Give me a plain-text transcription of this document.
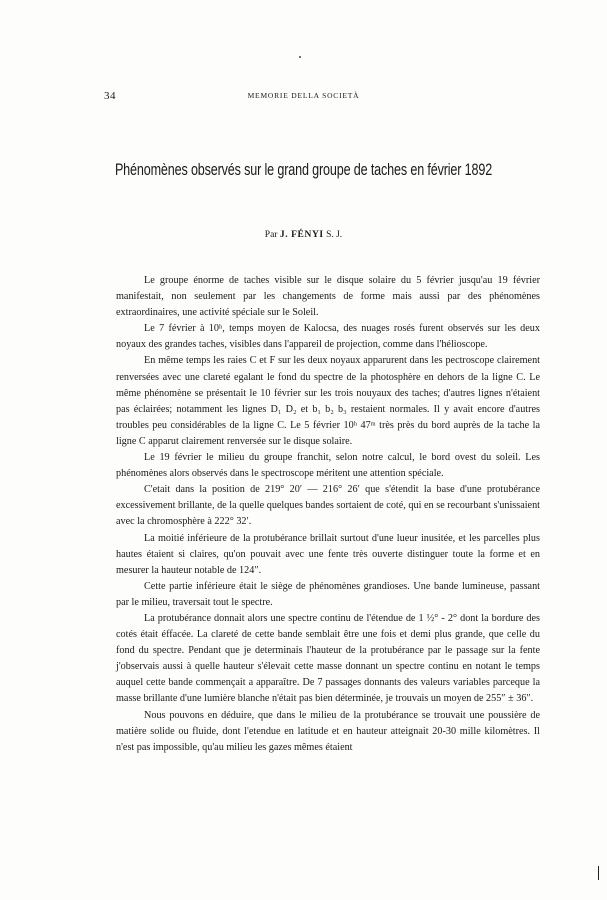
34	MEMORIE DELLA SOCIETÀ
Phénomènes observés sur le grand groupe de taches en février 1892
Par J. FÉNYI S. J.

Le groupe énorme de taches visible sur le disque solaire du 5 février jusqu'au 19 février manifestait, non seulement par les changements de forme mais aussi par des phénomènes extraordinaires, une activité spéciale sur le Soleil.

Le 7 février à 10ʰ, temps moyen de Kalocsa, des nuages rosés furent observés sur les deux noyaux des grandes taches, visibles dans l'appareil de projection, comme dans l'hélioscope.

En même temps les raies C et F sur les deux noyaux apparurent dans les pectroscope clairement renversées avec une clareté egalant le fond du spectre de la photosphère en dehors de la ligne C. Le même phénomène se présentait le 10 février sur les trois nouyaux des taches; d'autres lignes n'étaient pas éclairées; notamment les lignes D₁ D₂ et b₁ b₂ b₃ restaient normales. Il y avait encore d'autres troubles peu considérables de la ligne C. Le 5 février 10ʰ 47ᵐ très près du bord auprès de la tache la ligne C apparut clairement renversée sur le disque solaire.

Le 19 février le milieu du groupe franchit, selon notre calcul, le bord ovest du soleil. Les phénomènes alors observés dans le spectroscope méritent une attention spéciale.

C'etait dans la position de 219° 20′ — 216° 26′ que s'étendit la base d'une protubérance excessivement brillante, de la quelle quelques bandes sortaient de coté, qui en se recourbant s'unissaient avec la chromosphère à 222° 32′.

La moitié inférieure de la protubérance brillait surtout d'une lueur inusitée, et les parcelles plus hautes étaient si claires, qu'on pouvait avec une fente très ouverte distinguer toute la forme et en mesurer la hauteur notable de 124″.

Cette partie inférieure était le siège de phénomènes grandioses. Une bande lumineuse, passant par le milieu, traversait tout le spectre.

La protubérance donnait alors une spectre continu de l'étendue de 1 ½° - 2° dont la bordure des cotés était éffacée. La clareté de cette bande semblait être une fois et demi plus grande, que celle du fond du spectre. Pendant que je determinais l'hauteur de la protubérance par le passage sur la fente j'observais aussi à quelle hauteur s'élevait cette masse donnant un spectre continu en notant le temps auquel cette bande commençait a apparaître. De 7 passages donnants des valeurs variables parceque la masse brillante d'une lumière blanche n'était pas bien déterminée, je trouvais un moyen de 255″ ± 36″.

Nous pouvons en déduire, que dans le milieu de la protubérance se trouvait une poussière de matière solide ou fluide, dont l'etendue en latitude et en hauteur atteignait 20-30 mille kilomètres. Il n'est pas impossible, qu'au milieu les gazes mêmes étaient
